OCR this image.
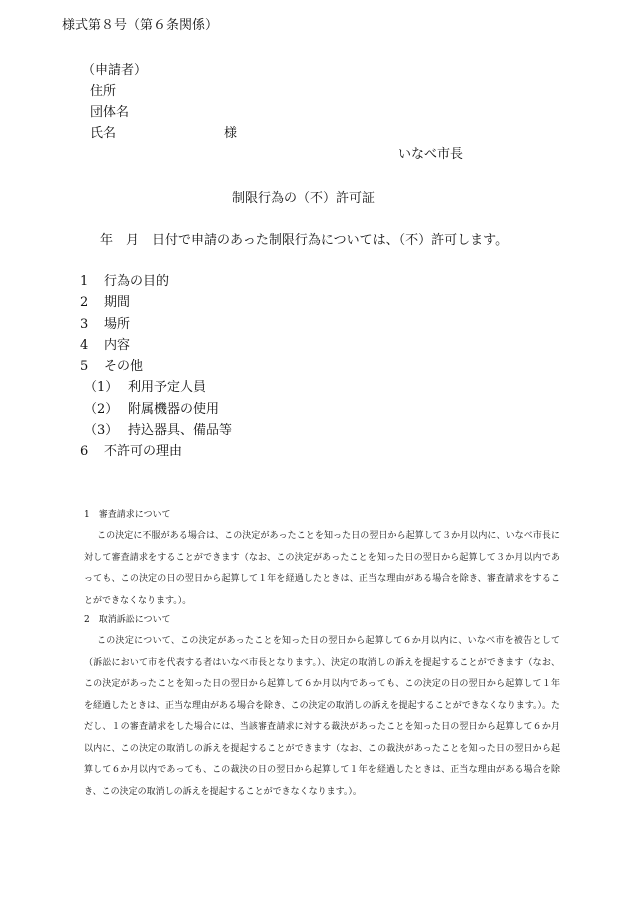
様式第８号（第６条関係）
（申請者）
住所
団体名
氏名	様
いなべ市長
制限行為の（不）許可証
年　月　日付で申請のあった制限行為については、（不）許可します。
1 行為の目的
2 期間
3 場所
4 内容
5 その他
（1） 利用予定人員
（2） 附属機器の使用
（3） 持込器具、備品等
6 不許可の理由
1　審査請求について
この決定に不服がある場合は、この決定があったことを知った日の翌日から起算して３か月以内に、いなべ市長に対して審査請求をすることができます（なお、この決定があったことを知った日の翌日から起算して３か月以内であっても、この決定の日の翌日から起算して１年を経過したときは、正当な理由がある場合を除き、審査請求をすることができなくなります。）。
2　取消訴訟について
この決定について、この決定があったことを知った日の翌日から起算して６か月以内に、いなべ市を被告として（訴訟において市を代表する者はいなべ市長となります。）、決定の取消しの訴えを提起することができます（なお、この決定があったことを知った日の翌日から起算して６か月以内であっても、この決定の日の翌日から起算して１年を経過したときは、正当な理由がある場合を除き、この決定の取消しの訴えを提起することができなくなります。）。ただし、１の審査請求をした場合には、当該審査請求に対する裁決があったことを知った日の翌日から起算して６か月以内に、この決定の取消しの訴えを提起することができます（なお、この裁決があったことを知った日の翌日から起算して６か月以内であっても、この裁決の日の翌日から起算して１年を経過したときは、正当な理由がある場合を除き、この決定の取消しの訴えを提起することができなくなります。）。
